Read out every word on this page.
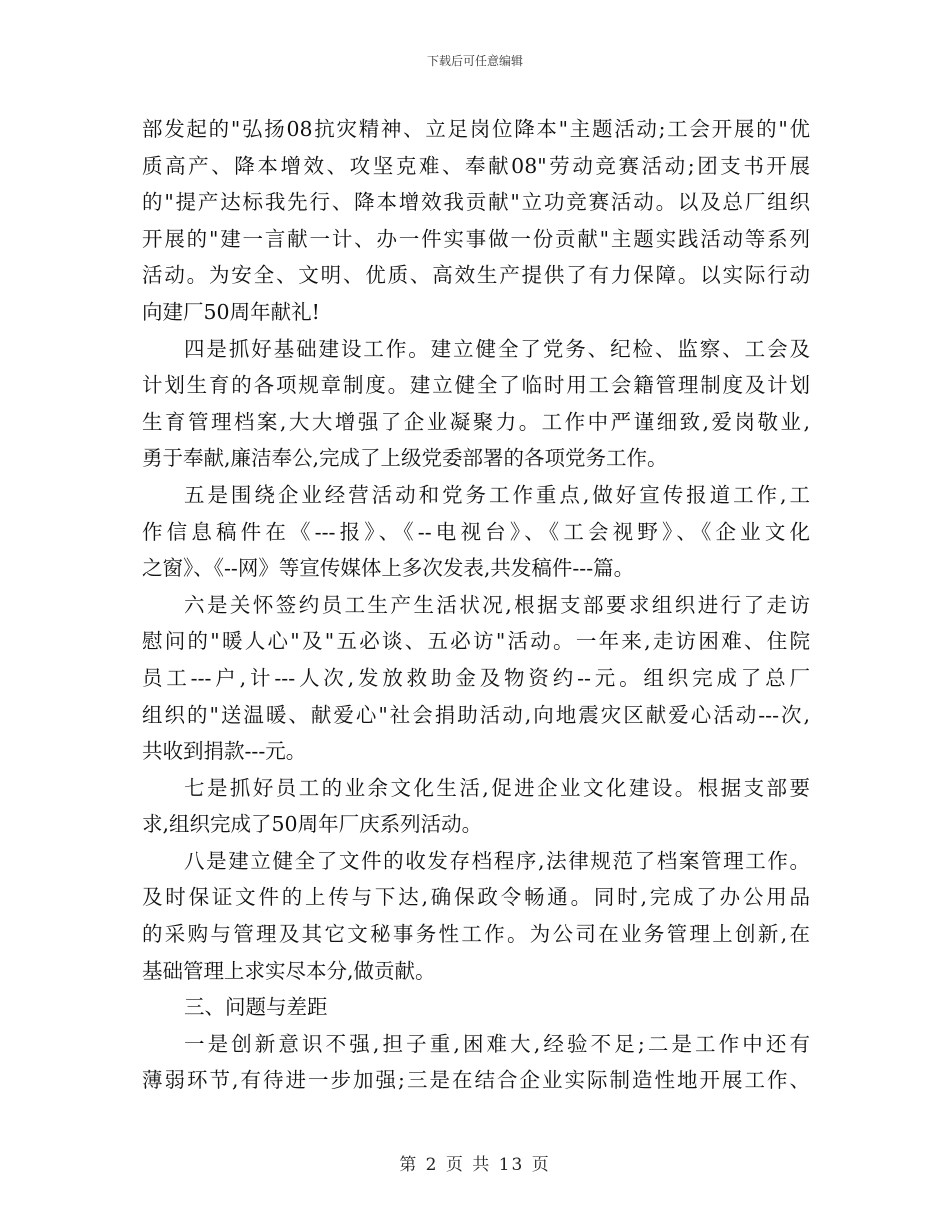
下载后可任意编辑
部发起的"弘扬08抗灾精神、立足岗位降本"主题活动;工会开展的"优
质高产、降本增效、攻坚克难、奉献08"劳动竞赛活动;团支书开展
的"提产达标我先行、降本增效我贡献"立功竞赛活动。以及总厂组织
开展的"建一言献一计、办一件实事做一份贡献"主题实践活动等系列
活动。为安全、文明、优质、高效生产提供了有力保障。以实际行动
向建厂50周年献礼!
四是抓好基础建设工作。建立健全了党务、纪检、监察、工会及
计划生育的各项规章制度。建立健全了临时用工会籍管理制度及计划
生育管理档案,大大增强了企业凝聚力。工作中严谨细致,爱岗敬业,
勇于奉献,廉洁奉公,完成了上级党委部署的各项党务工作。
五是围绕企业经营活动和党务工作重点,做好宣传报道工作,工
作信息稿件在《---报》、《--电视台》、《工会视野》、《企业文化
之窗》、《--网》等宣传媒体上多次发表,共发稿件---篇。
六是关怀签约员工生产生活状况,根据支部要求组织进行了走访
慰问的"暖人心"及"五必谈、五必访"活动。一年来,走访困难、住院
员工---户,计---人次,发放救助金及物资约--元。组织完成了总厂
组织的"送温暖、献爱心"社会捐助活动,向地震灾区献爱心活动---次,
共收到捐款---元。
七是抓好员工的业余文化生活,促进企业文化建设。根据支部要
求,组织完成了50周年厂庆系列活动。
八是建立健全了文件的收发存档程序,法律规范了档案管理工作。
及时保证文件的上传与下达,确保政令畅通。同时,完成了办公用品
的采购与管理及其它文秘事务性工作。为公司在业务管理上创新,在
基础管理上求实尽本分,做贡献。
三、问题与差距
一是创新意识不强,担子重,困难大,经验不足;二是工作中还有
薄弱环节,有待进一步加强;三是在结合企业实际制造性地开展工作、
第 2 页 共 13 页
